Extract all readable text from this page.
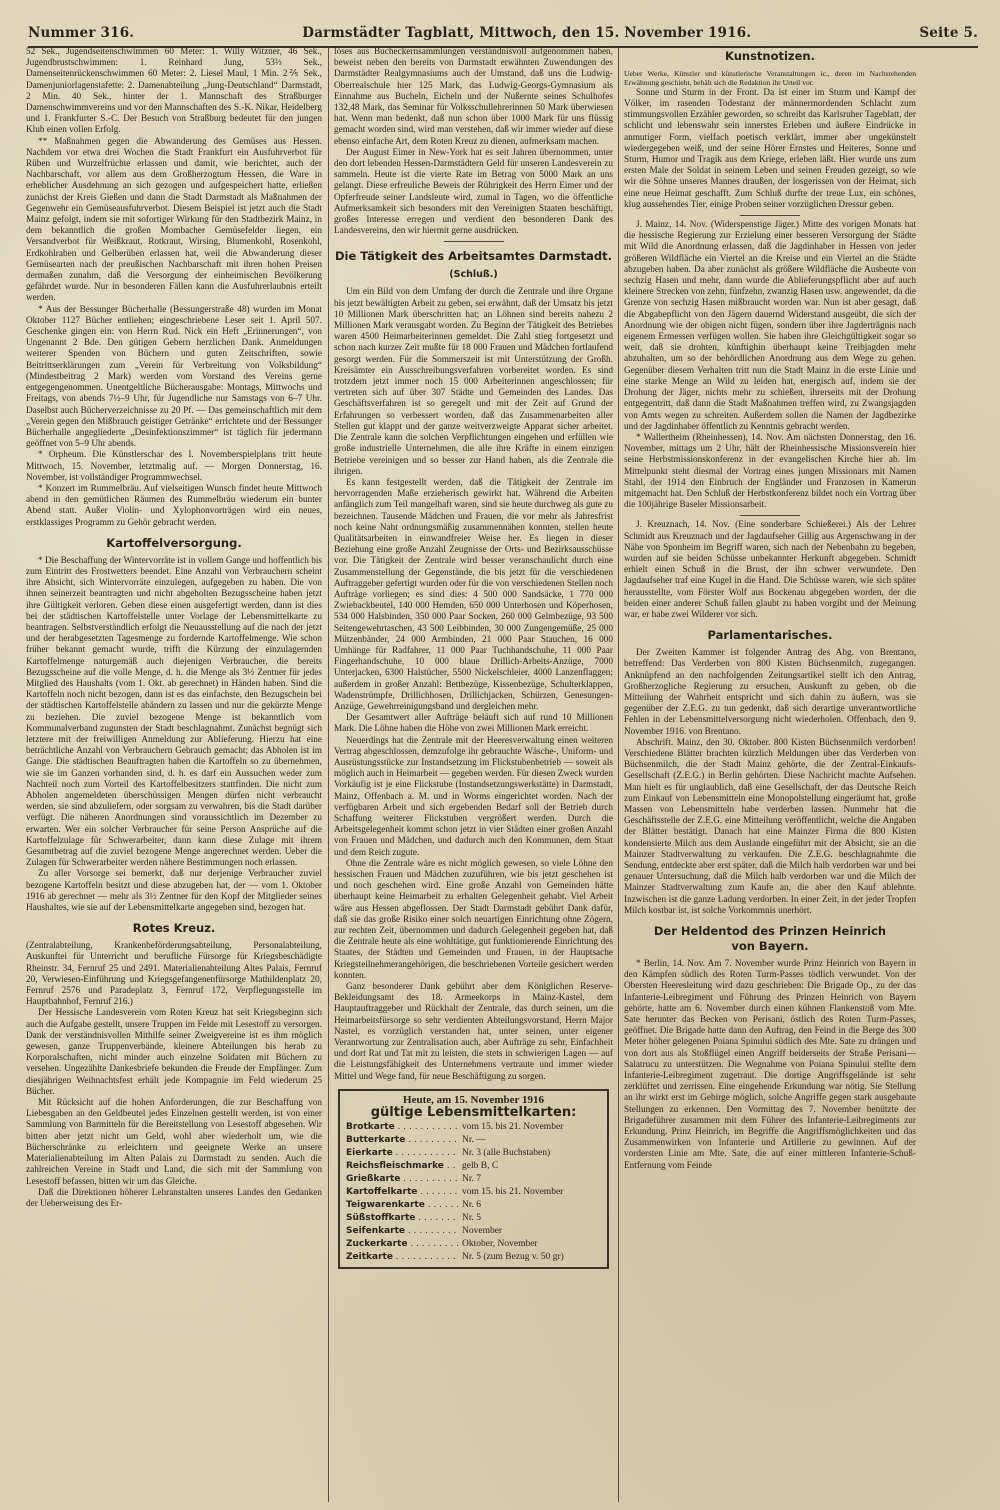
Nummer 316.	Darmstädter Tagblatt, Mittwoch, den 15. November 1916.	Seite 5.

52 Sek., Jugendseitenschwimmen 60 Meter: 1. Willy Witzner, 46 Sek., Jugendbrustschwimmen: 1. Reinhard Jung, 53⅔ Sek., Damenseitenrückenschwimmen 60 Meter: 2. Liesel Maul, 1 Min. 2⅖ Sek., Damenjuniorlagenstafette: 2. Damenabteilung „Jung-Deutschland“ Darmstadt, 2 Min. 40 Sek., hinter der 1. Mannschaft des Straßburger Damenschwimmvereins und vor den Mannschaften des S.-K. Nikar, Heidelberg und 1. Frankfurter S.-C. Der Besuch von Straßburg bedeutet für den jungen Klub einen vollen Erfolg.

** Maßnahmen gegen die Abwanderung des Gemüses aus Hessen. Nachdem vor etwa drei Wochen die Stadt Frankfurt ein Ausfuhrverbot für Rüben und Wurzelfrüchte erlassen und damit, wie berichtet, auch der Nachbarschaft, vor allem aus dem Großherzogtum Hessen, die Ware in erheblicher Ausdehnung an sich gezogen und aufgespeichert hatte, erließen zunächst der Kreis Gießen und dann die Stadt Darmstadt als Maßnahmen der Gegenwehr ein Gemüseausfuhrverbot. Diesem Beispiel ist jetzt auch die Stadt Mainz gefolgt, indem sie mit sofortiger Wirkung für den Stadtbezirk Mainz, in dem bekanntlich die großen Mombacher Gemüsefelder liegen, ein Versandverbot für Weißkraut, Rotkraut, Wirsing, Blumenkohl, Rosenkohl, Erdkohlraben und Gelberüben erlassen hat, weil die Abwanderung dieser Gemüsearten nach der preußischen Nachbarschaft mit ihren hohen Preisen dermaßen zunahm, daß die Versorgung der einheimischen Bevölkerung gefährdet wurde. Nur in besonderen Fällen kann die Ausfuhrerlaubnis erteilt werden.

* Aus der Bessunger Bücherhalle (Bessungerstraße 48) wurden im Monat Oktober 1127 Bücher entliehen; eingeschriebene Leser seit 1. April 507. Geschenke gingen ein: von Herrn Rud. Nick ein Heft „Erinnerungen“, von Ungenannt 2 Bde. Den gütigen Gebern herzlichen Dank. Anmeldungen weiterer Spenden von Büchern und guten Zeitschriften, sowie Beitrittserklärungen zum „Verein für Verbreitung von Volksbildung“ (Mindestbeitrag 2 Mark) werden vom Vorstand des Vereins gerne entgegengenommen. Unentgeltliche Bücherausgabe: Montags, Mittwochs und Freitags, von abends 7½–9 Uhr, für Jugendliche nur Samstags von 6–7 Uhr. Daselbst auch Bücherverzeichnisse zu 20 Pf. — Das gemeinschaftlich mit dem „Verein gegen den Mißbrauch geistiger Getränke“ errichtete und der Bessunger Bücherhalle angegliederte „Desinfektionszimmer“ ist täglich für jedermann geöffnet von 5–9 Uhr abends.

* Orpheum. Die Künstlerschar des I. Novemberspielplans tritt heute Mittwoch, 15. November, letztmalig auf. — Morgen Donnerstag, 16. November, ist vollständiger Programmwechsel.

* Konzert im Rummelbräu. Auf vielseitigen Wunsch findet heute Mittwoch abend in den gemütlichen Räumen des Rummelbräu wiederum ein bunter Abend statt. Außer Violin- und Xylophonvorträgen wird ein neues, erstklassiges Programm zu Gehör gebracht werden.

Kartoffelversorgung.

* Die Beschaffung der Wintervorräte ist in vollem Gange und hoffentlich bis zum Eintritt des Frostwetters beendet. Eine Anzahl von Verbrauchern scheint ihre Absicht, sich Wintervorräte einzulegen, aufgegeben zu haben. Die von ihnen seinerzeit beantragten und nicht abgeholten Bezugsscheine haben jetzt ihre Gültigkeit verloren. Geben diese einen ausgefertigt werden, dann ist dies bei der städtischen Kartoffelstelle unter Vorlage der Lebensmittelkarte zu beantragen. Selbstverständlich erfolgt die Neuausstellung auf die nach der jetzt und der herabgesetzten Tagesmenge zu fordernde Kartoffelmenge. Wie schon früher bekannt gemacht wurde, trifft die Kürzung der einzulagernden Kartoffelmenge naturgemäß auch diejenigen Verbraucher, die bereits Bezugsscheine auf die volle Menge, d. h. die Menge als 3½ Zentner für jedes Mitglied des Haushalts (vom 1. Okt. ab gerechnet) in Händen haben. Sind die Kartoffeln noch nicht bezogen, dann ist es das einfachste, den Bezugschein bei der städtischen Kartoffelstelle abändern zu lassen und nur die gekürzte Menge zu beziehen. Die zuviel bezogene Menge ist bekanntlich vom Kommunalverband zugunsten der Stadt beschlagnahmt. Zunächst begnügt sich letztere mit der freiwilligen Anmeldung zur Ablieferung. Hierzu hat eine beträchtliche Anzahl von Verbrauchern Gebrauch gemacht; das Abholen ist im Gange. Die städtischen Beauftragten haben die Kartoffeln so zu übernehmen, wie sie im Ganzen vorhanden sind, d. h. es darf ein Aussuchen weder zum Nachteil noch zum Vorteil des Kartoffelbesitzers stattfinden. Die nicht zum Abholen angemeldeten überschüssigen Mengen dürfen nicht verbraucht werden, sie sind abzuliefern, oder sorgsam zu verwahren, bis die Stadt darüber verfügt. Die näheren Anordnungen sind voraussichtlich im Dezember zu erwarten. Wer ein solcher Verbraucher für seine Person Ansprüche auf die Kartoffelzulage für Schwerarbeiter, dann kann diese Zulage mit ihrem Gesamtbetrag auf die zuviel bezogene Menge angerechnet werden. Ueber die Zulagen für Schwerarbeiter werden nähere Bestimmungen noch erlassen.

Zu aller Vorsorge sei bemerkt, daß nur derjenige Verbraucher zuviel bezogene Kartoffeln besitzt und diese abzugeben hat, der — vom 1. Oktober 1916 ab gerechnet — mehr als 3½ Zentner für den Kopf der Mitglieder seines Haushaltes, wie sie auf der Lebensmittelkarte angegeben sind, bezogen hat.

Rotes Kreuz.

(Zentralabteilung, Krankenbeförderungsabteilung, Personalabteilung, Auskunftei für Unterricht und berufliche Fürsorge für Kriegsbeschädigte Rheinstr. 34, Fernruf 25 und 2491. Materialienabteilung Altes Palais, Fernruf 20, Verwiesen-Einführung und Kriegsgefangenenfürsorge Mathildenplatz 20, Fernruf 2576 und Paradeplatz 3, Fernruf 172, Verpflegungsstelle im Hauptbahnhof, Fernruf 216.)

Der Hessische Landesverein vom Roten Kreuz hat seit Kriegsbeginn sich auch die Aufgabe gestellt, unsere Truppen im Felde mit Lesestoff zu versorgen. Dank der verständnisvollen Mithilfe seiner Zweigvereine ist es ihm möglich gewesen, ganze Truppenverbände, kleinere Abteilungen bis herab zu Korporalschaften, nicht minder auch einzelne Soldaten mit Büchern zu versehen. Ungezählte Dankesbriefe bekunden die Freude der Empfänger. Zum diesjährigen Weihnachtsfest erhält jede Kompagnie im Feld wiederum 25 Bücher.

Mit Rücksicht auf die hohen Anforderungen, die zur Beschaffung von Liebesgaben an den Geldbeutel jedes Einzelnen gestellt werden, ist von einer Sammlung von Barmitteln für die Bereitstellung von Lesestoff abgesehen. Wir bitten aber jetzt nicht um Geld, wohl aber wiederholt um, wie die Bücherschränke zu erleichtern und geeignete Werke an unsere Materialienabteilung im Alten Palais zu Darmstadt zu senden. Auch die zahlreichen Vereine in Stadt und Land, die sich mit der Sammlung von Lesestoff befassen, bitten wir um das Gleiche.

Daß die Direktionen höherer Lehranstalten unseres Landes den Gedanken der Ueberweisung des Er-

löses aus Bucheckernsammlungen verständnisvoll aufgenommen haben, beweist neben den bereits von Darmstadt erwähnten Zuwendungen des Darmstädter Realgymnasiums auch der Umstand, daß uns die Ludwig-Oberrealschule hier 125 Mark, das Ludwig-Georgs-Gymnasium als Einnahme aus Bucheln, Eicheln und der Nußernte seines Schulhofes 132,48 Mark, das Seminar für Volksschullehrerinnen 50 Mark überwiesen hat. Wenn man bedenkt, daß nun schon über 1000 Mark für uns flüssig gemacht worden sind, wird man verstehen, daß wir immer wieder auf diese ebenso einfache Art, dem Roten Kreuz zu dienen, aufmerksam machen.

Der August Eimer in New-York hat es seit Jahren übernommen, unter den dort lebenden Hessen-Darmstädtern Geld für unseren Landesverein zu sammeln. Heute ist die vierte Rate im Betrag von 5000 Mark an uns gelangt. Diese erfreuliche Beweis der Rührigkeit des Herrn Eimer und der Opferfreude seiner Landsleute wird, zumal in Tagen, wo die öffentliche Aufmerksamkeit sich besonders mit den Vereinigten Staaten beschäftigt, großes Interesse erregen und verdient den besonderen Dank des Landesvereins, den wir hiermit gerne ausdrücken.

Die Tätigkeit des Arbeitsamtes Darmstadt.
(Schluß.)

Um ein Bild von dem Umfang der durch die Zentrale und ihre Organe bis jetzt bewältigten Arbeit zu geben, sei erwähnt, daß der Umsatz bis jetzt 10 Millionen Mark überschritten hat; an Löhnen sind bereits nahezu 2 Millionen Mark verausgabt worden. Zu Beginn der Tätigkeit des Betriebes waren 4500 Heimarbeiterinnen gemeldet. Die Zahl stieg fortgesetzt und schon nach kurzer Zeit mußte für 18 000 Frauen und Mädchen fortlaufend gesorgt werden. Für die Sommerszeit ist mit Unterstützung der Großh. Kreisämter ein Ausschreibungsverfahren vorbereitet worden. Es sind trotzdem jetzt immer noch 15 000 Arbeiterinnen angeschlossen; für vertreten sich auf über 307 Städte und Gemeinden des Landes. Das Geschäftsverfahren ist so geregelt und mit der Zeit auf Grund der Erfahrungen so verbessert worden, daß das Zusammenarbeiten aller Stellen gut klappt und der ganze weitverzweigte Apparat sicher arbeitet. Die Zentrale kann die solchen Verpflichtungen eingehen und erfüllen wie große industrielle Unternehmen, die alle ihre Kräfte in einem einzigen Betriebe vereinigen und so besser zur Hand haben, als die Zentrale die ihrigen.

Es kann festgestellt werden, daß die Tätigkeit der Zentrale im hervorragenden Maße erzieherisch gewirkt hat. Während die Arbeiten anfänglich zum Teil mangelhaft waren, sind sie heute durchweg als gute zu bezeichnen. Tausende Mädchen und Frauen, die vor mehr als Jahresfrist noch keine Naht ordnungsmäßig zusammennähen konnten, stellen heute Qualitätsarbeiten in einwandfreier Weise her. Es liegen in dieser Beziehung eine große Anzahl Zeugnisse der Orts- und Bezirksausschüsse vor. Die Tätigkeit der Zentrale wird besser veranschaulicht durch eine Zusammenstellung der Gegenstände, die bis jetzt für die verschiedenen Auftraggeber gefertigt wurden oder für die von verschiedenen Stellen noch Aufträge vorliegen; es sind dies: 4 500 000 Sandsäcke, 1 770 000 Zwiebackbeutel, 140 000 Hemden, 650 000 Unterhosen und Köperhosen, 534 000 Halsbinden, 350 000 Paar Socken, 260 000 Gelmbezüge, 93 500 Seitengewehrtaschen, 43 500 Leibbinden, 30 000 Zungengemüße, 25 000 Mützenbänder, 24 000 Armbinden, 21 000 Paar Stauchen, 16 000 Umhänge für Radfahrer, 11 000 Paar Tuchhandschuhe, 11 000 Paar Fingerhandschuhe, 10 000 blaue Drillich-Arbeits-Anzüge, 7000 Unterjacken, 6300 Halstücher, 5500 Nickelschleier, 4000 Lanzenflaggen; außerdem in großer Anzahl: Bettbezüge, Kissenbezüge, Schulterklappen, Wadenstrümpfe, Drillichhosen, Drillichjacken, Schürzen, Genesungen-Anzüge, Gewehrreinigungsband und dergleichen mehr.

Der Gesamtwert aller Aufträge beläuft sich auf rund 10 Millionen Mark. Die Löhne haben die Höhe von zwei Millionen Mark erreicht.

Neuerdings hat die Zentrale mit der Heeresverwaltung einen weiteren Vertrag abgeschlossen, demzufolge ihr gebrauchte Wäsche-, Uniform- und Ausrüstungsstücke zur Instandsetzung im Flickstubenbetrieb — soweit als möglich auch in Heimarbeit — gegeben werden. Für diesen Zweck wurden Vorkäufig ist je eine Flickstube (Instandsetzungswerkstätte) in Darmstadt, Mainz, Offenbach a. M. und in Worms eingerichtet worden. Nach der verfügbaren Arbeit und sich ergebenden Bedarf soll der Betrieb durch Schaffung weiterer Flickstuben vergrößert werden. Durch die Arbeitsgelegenheit kommt schon jetzt in vier Städten einer großen Anzahl von Frauen und Mädchen, und dadurch auch den Kommunen, dem Staat und dem Reich zugute.

Ohne die Zentrale wäre es nicht möglich gewesen, so viele Löhne den hessischen Frauen und Mädchen zuzuführen, wie bis jetzt geschehen ist und noch geschehen wird. Eine große Anzahl von Gemeinden hätte überhaupt keine Heimarbeit zu erhalten Gelegenheit gehabt. Viel Arbeit wäre aus Hessen abgeflossen. Der Stadt Darmstadt gebührt Dank dafür, daß sie das große Risiko einer solch neuartigen Einrichtung ohne Zögern, zur rechten Zeit, übernommen und dadurch Gelegenheit gegeben hat, daß die Zentrale heute als eine wohltätige, gut funktionierende Einrichtung des Staates, der Städten und Gemeinden und Frauen, in der Hauptsache Kriegsteilnehmerangehörigen, die beschriebenen Vorteile gesichert werden konnten.

Ganz besonderer Dank gebührt aber dem Königlichen Reserve-Bekleidungsamt des 18. Armeekorps in Mainz-Kastel, dem Hauptauftraggeber und Rückhalt der Zentrale, das durch seinen, um die Heimarbeitsfürsorge so sehr verdienten Abteilungsvorstand, Herrn Major Nastel, es vorzüglich verstanden hat, unter seinen, unter eigener Verantwortung zur Zentralisation auch, aber Aufträge zu sehr, Einfachheit und dort Rat und Tat mit zu leisten, die stets in schwierigen Lagen — auf die Leistungsfähigkeit des Unternehmens vertraute und immer wieder Mittel und Wege fand, für neue Beschäftigung zu sorgen.

Heute, am 15. November 1916
gültige Lebensmittelkarten:
Brotkarte . . .	vom 15. bis 21. November
Butterkarte . . .	Nr. —
Eierkarte . . .	Nr. 3 (alle Buchstaben)
Reichsfleischmarke . . .	gelb B, C
Grießkarte . . .	Nr. 7
Kartoffelkarte . . .	vom 15. bis 21. November
Teigwarenkarte . . .	Nr. 6
Süßstoffkarte . . .	Nr. 5
Seifenkarte . . .	November
Zuckerkarte . . .	Oktober, November
Zeitkarte . . .	Nr. 5 (zum Bezug v. 50 gr)
Kunstnotizen.

Ueber Werke, Künstler und künstlerische Veranstaltungen ic., deren im Nachstehenden Erwähnung geschieht, behält sich die Redaktion ihr Urteil vor.

Sonne und Sturm in der Front. Da ist einer im Sturm und Kampf der Völker, im rasenden Todestanz der männermordenden Schlacht zum stimmungsvollen Erzähler geworden, so schreibt das Karlsruher Tageblatt, der schlicht und lebenswahr sein innerstes Erleben und äußere Eindrücke in anmutiger Form, vielfach poetisch verklärt, immer aber ungekünstelt wiedergegeben weiß, und der seine Hörer Ernstes und Heiteres, Sonne und Sturm, Humor und Tragik aus dem Kriege, erleben läßt. Hier wurde uns zum ersten Male der Soldat in seinem Leben und seinen Freuden gezeigt, so wie wir die Söhne unseres Mannes draußen, der losgerissen von der Heimat, sich eine neue Heimat geschafft. Zum Schluß durfte der treue Lux, ein schönes, klug aussehendes Tier, einige Proben seiner vorzüglichen Dressur geben.

J. Mainz, 14. Nov. (Widerspenstige Jäger.) Mitte des vorigen Monats hat die hessische Regierung zur Erzielung einer besseren Versorgung der Städte mit Wild die Anordnung erlassen, daß die Jagdinhaber in Hessen von jeder größeren Wildfläche ein Viertel an die Kreise und ein Viertel an die Städte abzugeben haben. Da aber zunächst als größere Wildfläche die Ausbeute von sechzig Hasen und mehr, dann wurde die Ablieferungspflicht aber auf auch kleinere Strecken von zehn, fünfzehn, zwanzig Hasen usw. angewendet, da die Grenze von sechzig Hasen mißbraucht worden war. Nun ist aber gesagt, daß die Abgabepflicht von den Jägern dauernd Widerstand ausgeübt, die sich der Anordnung wie der obigen nicht fügen, sondern über ihre Jagderträgnis nach eigenem Ermessen verfügen wollen. Sie haben ihre Gleichgültigkeit sogar so weit, daß sie drohten, künftighin überhaupt keine Treibjagden mehr abzuhalten, um so der behördlichen Anordnung aus dem Wege zu gehen. Gegenüber diesem Verhalten tritt nun die Stadt Mainz in die erste Linie und eine starke Menge an Wild zu leiden hat, energisch auf, indem sie der Drohung der Jäger, nichts mehr zu schießen, ihrerseits mit der Drohung entgegentritt, daß dann die Stadt Maßnahmen treffen wird, zu Zwangsjagden von Amts wegen zu schreiten. Außerdem sollen die Namen der Jagdbezirke und der Jagdinhaber öffentlich zu Kenntnis gebracht werden.

* Wallertheim (Rheinhessen), 14. Nov. Am nächsten Donnerstag, den 16. November, mittags um 2 Uhr, hält der Rheinhessische Missionsverein hier seine Herbstmissionskonferenz in der evangelischen Kirche hier ab. Im Mittelpunkt steht diesmal der Vortrag eines jungen Missionars mit Namen Stahl, der 1914 den Einbruch der Engländer und Franzosen in Kamerun mitgemacht hat. Den Schluß der Herbstkonferenz bildet noch ein Vortrag über die 100jährige Baseler Missionsarbeit.

J. Kreuznach, 14. Nov. (Eine sonderbare Schießerei.) Als der Lehrer Schmidt aus Kreuznach und der Jagdaufseher Gillig aus Argenschwang in der Nähe von Sponheim im Begriff waren, sich nach der Nebenbahn zu begeben, wurden auf sie beiden Schüsse unbekannter Herkunft abgegeben. Schmidt erhielt einen Schuß in die Brust, der ihn schwer verwundete. Den Jagdaufseher traf eine Kugel in die Hand. Die Schüsse waren, wie sich später herausstellte, vom Förster Wolf aus Bockenau abgegeben worden, der die beiden einer anderer Schuß fallen glaubt zu haben vorgibt und der Meinung war, er habe zwei Wilderer vor sich.

Parlamentarisches.

Der Zweiten Kammer ist folgender Antrag des Abg. von Brentano, betreffend: Das Verderben von 800 Kisten Büchsenmilch, zugegangen. Anknüpfend an den nachfolgenden Zeitungsartikel stellt ich den Antrag, Großherzogliche Regierung zu ersuchen, Auskunft zu geben, ob die Mitteilung der Wahrheit entspricht und sich dahin zu äußern, was sie gegenüber der Z.E.G. zu tun gedenkt, daß sich derartige unverantwortliche Fehlen in der Lebensmittelversorgung nicht wiederholen. Offenbach, den 9. November 1916. von Brentano.

Abschrift. Mainz, den 30. Oktober. 800 Kisten Büchsenmilch verdorben! Verschiedene Blätter brachten kürzlich Meldungen über das Verderben von Büchsenmilch, die der Stadt Mainz gehörte, die der Zentral-Einkaufs-Gesellschaft (Z.E.G.) in Berlin gehörten. Diese Nachricht machte Aufsehen. Man hielt es für unglaublich, daß eine Gesellschaft, der das Deutsche Reich zum Einkauf von Lebensmitteln eine Monopolstellung eingeräumt hat, große Massen von Lebensmitteln habe verderben lassen. Nunmehr hat die Geschäftsstelle der Z.E.G. eine Mitteilung veröffentlicht, welche die Angaben der Blätter bestätigt. Danach hat eine Mainzer Firma die 800 Kisten kondensierte Milch aus dem Auslande eingeführt mit der Absicht, sie an die Mainzer Stadtverwaltung zu verkaufen. Die Z.E.G. beschlagnahmte die Sendung, entdeckte aber erst später, daß die Milch halb verdorben war und bei genauer Untersuchung, daß die Milch halb verdorben war und die Milch der Mainzer Stadtverwaltung zum Kaufe an, die aber den Kauf ablehnte. Inzwischen ist die ganze Ladung verdorben. In einer Zeit, in der jeder Tropfen Milch kostbar ist, ist solche Vorkommnis unerhört.

Der Heldentod des Prinzen Heinrich
von Bayern.

* Berlin, 14. Nov. Am 7. November wurde Prinz Heinrich von Bayern in den Kämpfen südlich des Roten Turm-Passes tödlich verwundet. Von der Obersten Heeresleitung wird dazu geschrieben: Die Brigade Op., zu der das Infanterie-Leibregiment und Führung des Prinzen Heinrich von Bayern gehörte, hatte am 6. November durch einen kühnen Flankenstoß vom Mte. Sate herunter das Becken von Perisani, östlich des Roten Turm-Passes, geöffnet. Die Brigade hatte dann den Auftrag, den Feind in die Berge des 300 Meter höher gelegenen Poiana Spinului südlich des Mte. Sate zu drängen und von dort aus als Stoßflügel einen Angriff beiderseits der Straße Perisani—Salatrucu zu unterstützen. Die Wegnahme von Poiana Spinului stellte dem Infanterie-Leibregiment zugetraut. Die dortige Angriffsgelände ist sehr zerklüftet und zerrissen. Eine eingehende Erkundung war nötig. Sie Stellung an ihr wirkt erst im Gebirge möglich, solche Angriffe gegen stark ausgebaute Stellungen zu erkennen. Den Vormittag des 7. November benützte der Brigadeführer zusammen mit dem Führer des Infanterie-Leibregiments zur Erkundung. Prinz Heinrich, im Begriffe die Angriffsmöglichkeiten und das Zusammenwirken von Infanterie und Artillerie zu gewinnen. Auf der vordersten Linie am Mte. Sate, die auf einer mittleren Infanterie-Schuß-Entfernung vom Feinde
